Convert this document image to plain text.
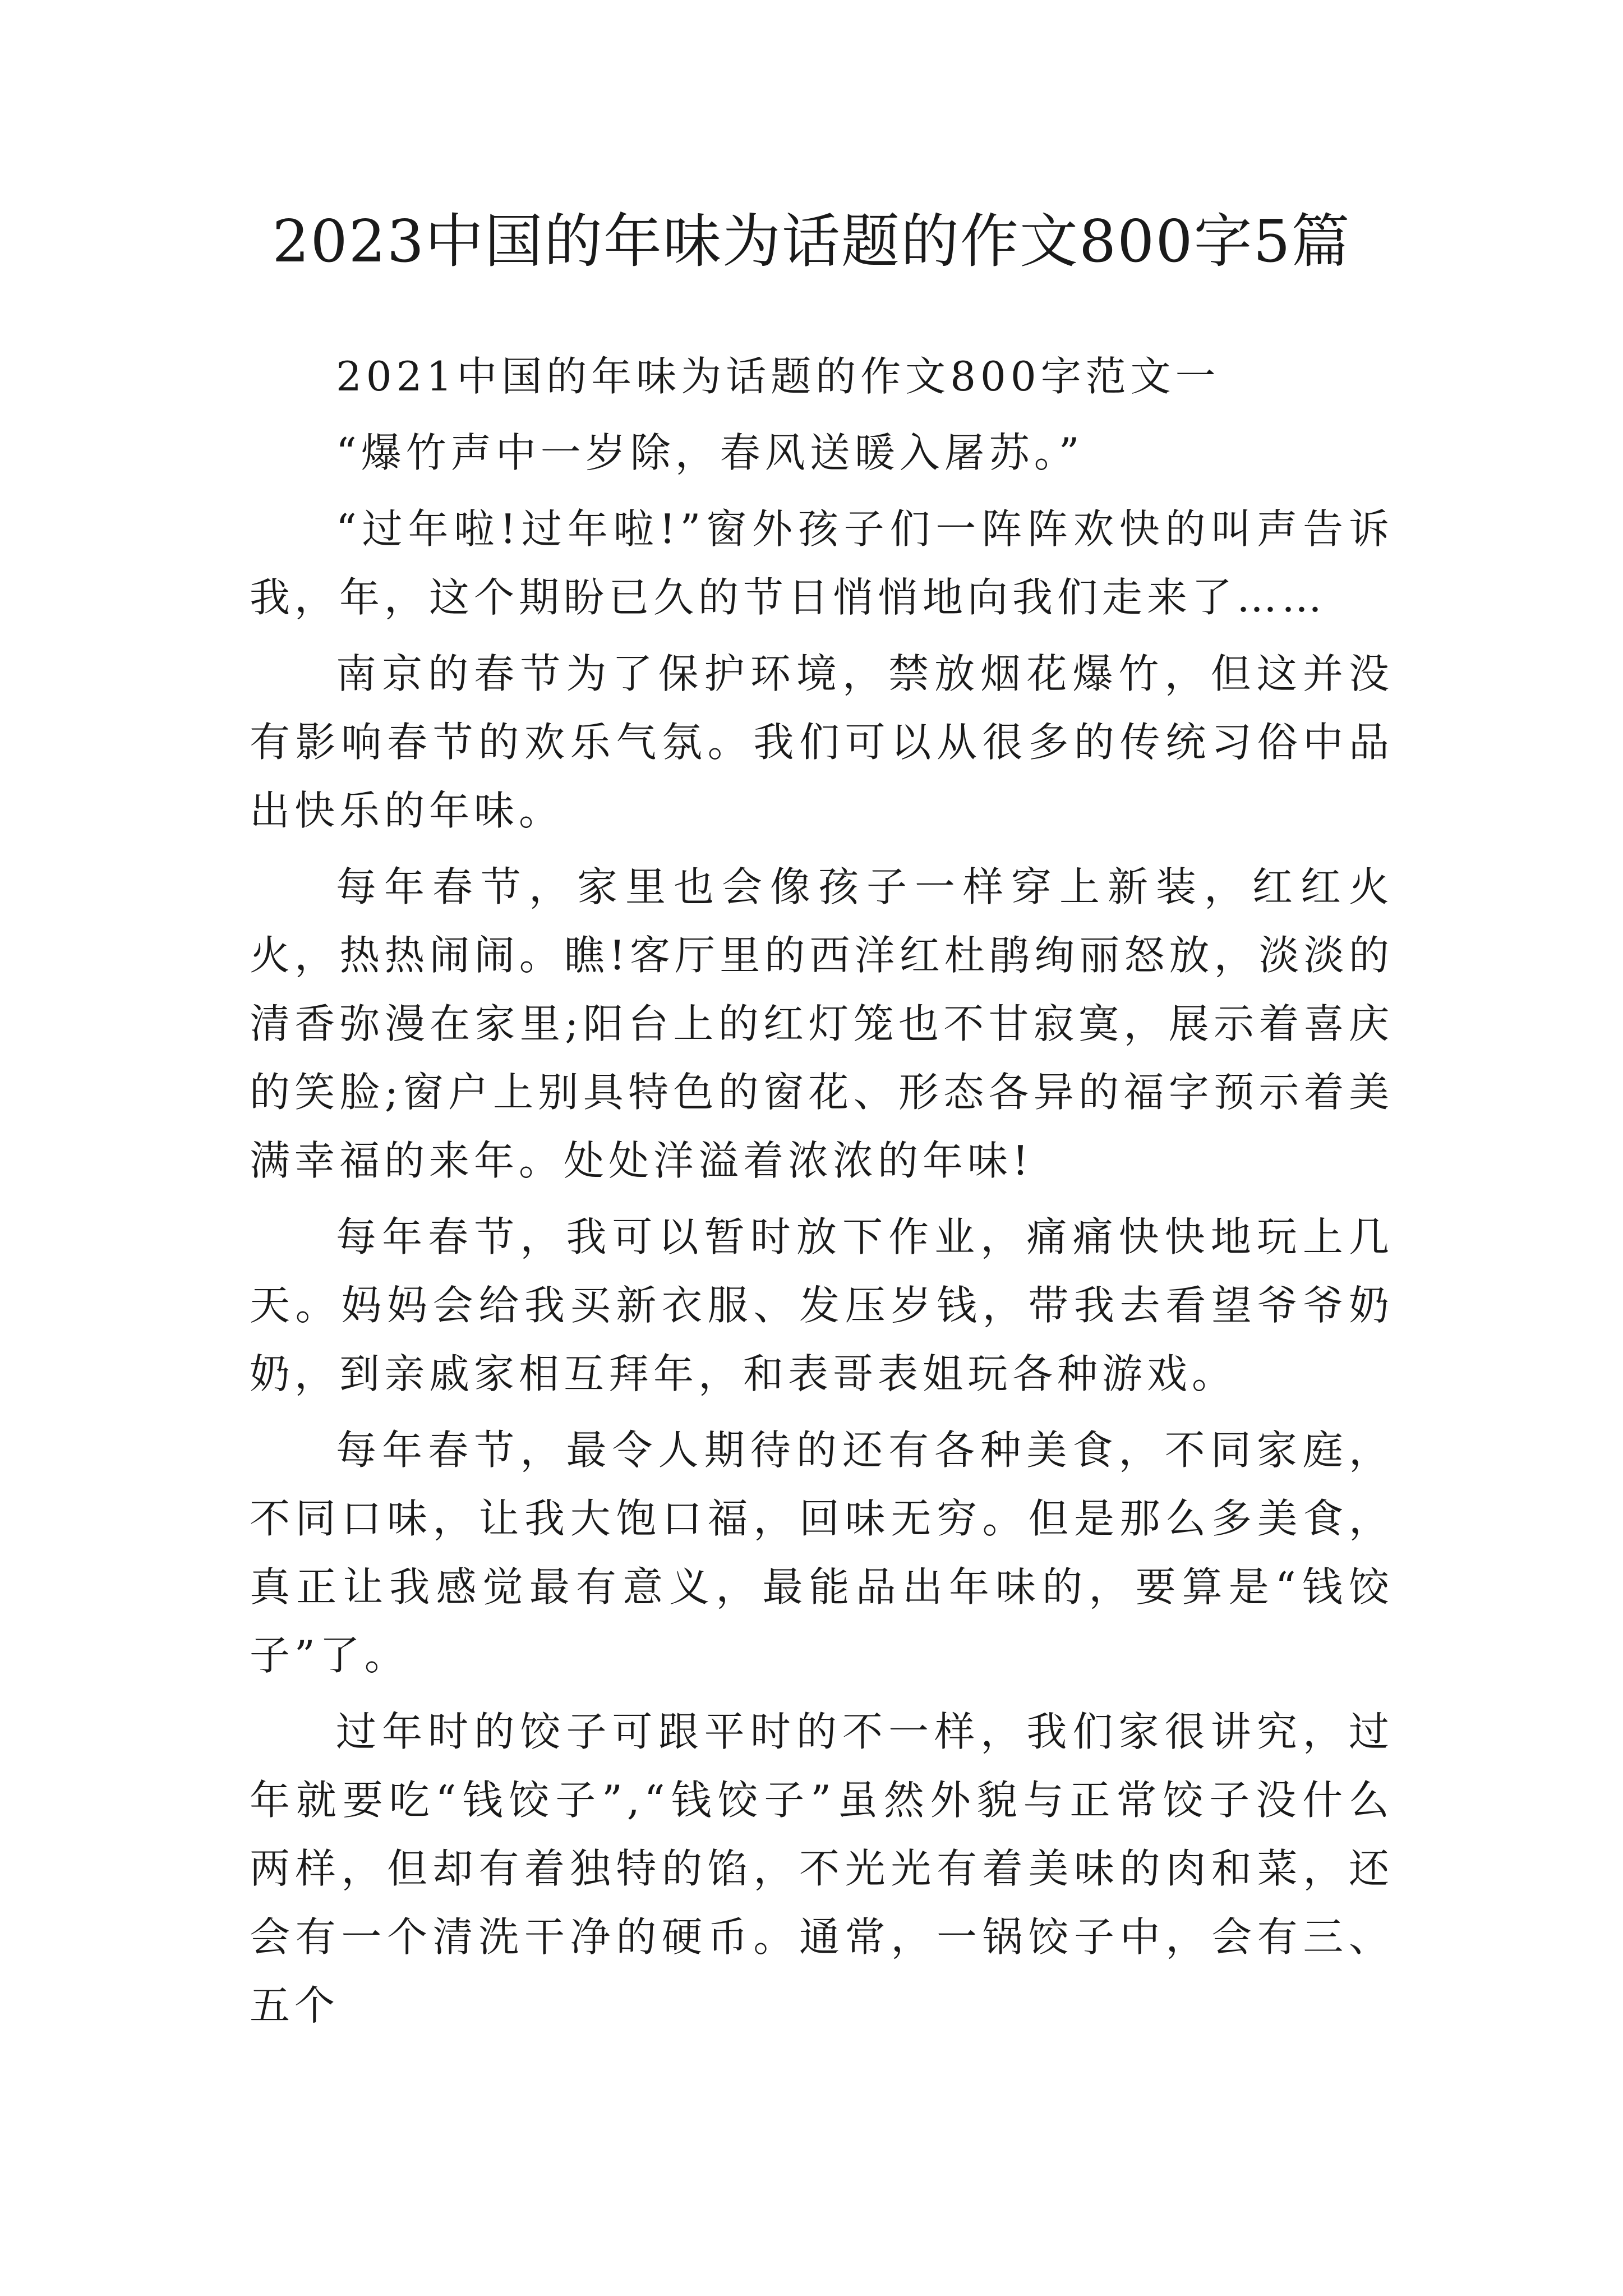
2023中国的年味为话题的作文800字5篇

2021中国的年味为话题的作文800字范文一

“爆竹声中一岁除，春风送暖入屠苏。”

“过年啦!过年啦!”窗外孩子们一阵阵欢快的叫声告诉我，年，这个期盼已久的节日悄悄地向我们走来了……

南京的春节为了保护环境，禁放烟花爆竹，但这并没有影响春节的欢乐气氛。我们可以从很多的传统习俗中品出快乐的年味。

每年春节，家里也会像孩子一样穿上新装，红红火火，热热闹闹。瞧!客厅里的西洋红杜鹃绚丽怒放，淡淡的清香弥漫在家里;阳台上的红灯笼也不甘寂寞，展示着喜庆的笑脸;窗户上别具特色的窗花、形态各异的福字预示着美满幸福的来年。处处洋溢着浓浓的年味!

每年春节，我可以暂时放下作业，痛痛快快地玩上几天。妈妈会给我买新衣服、发压岁钱，带我去看望爷爷奶奶，到亲戚家相互拜年，和表哥表姐玩各种游戏。

每年春节，最令人期待的还有各种美食，不同家庭，不同口味，让我大饱口福，回味无穷。但是那么多美食，真正让我感觉最有意义，最能品出年味的，要算是“钱饺子”了。

过年时的饺子可跟平时的不一样，我们家很讲究，过年就要吃“钱饺子”,“钱饺子”虽然外貌与正常饺子没什么两样，但却有着独特的馅，不光光有着美味的肉和菜，还会有一个清洗干净的硬币。通常，一锅饺子中，会有三、五个
